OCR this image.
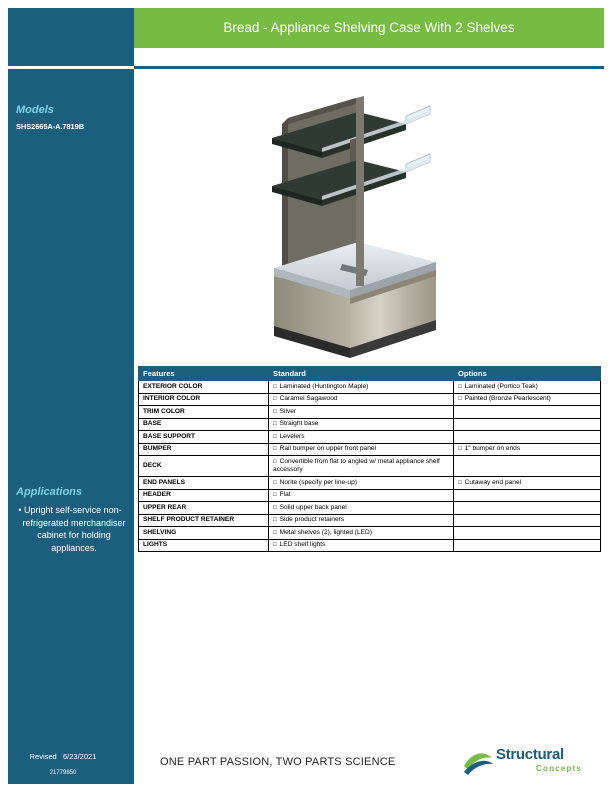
Models
SHS2665A-A.7819B
Applications
• Upright self-service non-refrigerated merchandiser cabinet for holding appliances.
Revised 6/23/2021
21779850
Bread - Appliance Shelving Case With 2 Shelves
Features	Standard	Options
EXTERIOR COLOR	□ Laminated (Huntington Maple)	□ Laminated (Portico Teak)
INTERIOR COLOR	□ Caramel Sagawood	□ Painted (Bronze Pearlescent)
TRIM COLOR	□ Silver	
BASE	□ Straight base	
BASE SUPPORT	□ Levelers	
BUMPER	□ Rail bumper on upper front panel	□ 1" bumper on ends
DECK	□ Convertible from flat to angled w/ metal appliance shelf accessory	
END PANELS	□ Norite (specify per line-up)	□ Cutaway end panel
HEADER	□ Flat	
UPPER REAR	□ Solid upper back panel	
SHELF PRODUCT RETAINER	□ Side product retainers	
SHELVING	□ Metal shelves (2), lighted (LED)	
LIGHTS	□ LED shelf lights	
ONE PART PASSION, TWO PARTS SCIENCE	Structural
Concepts
